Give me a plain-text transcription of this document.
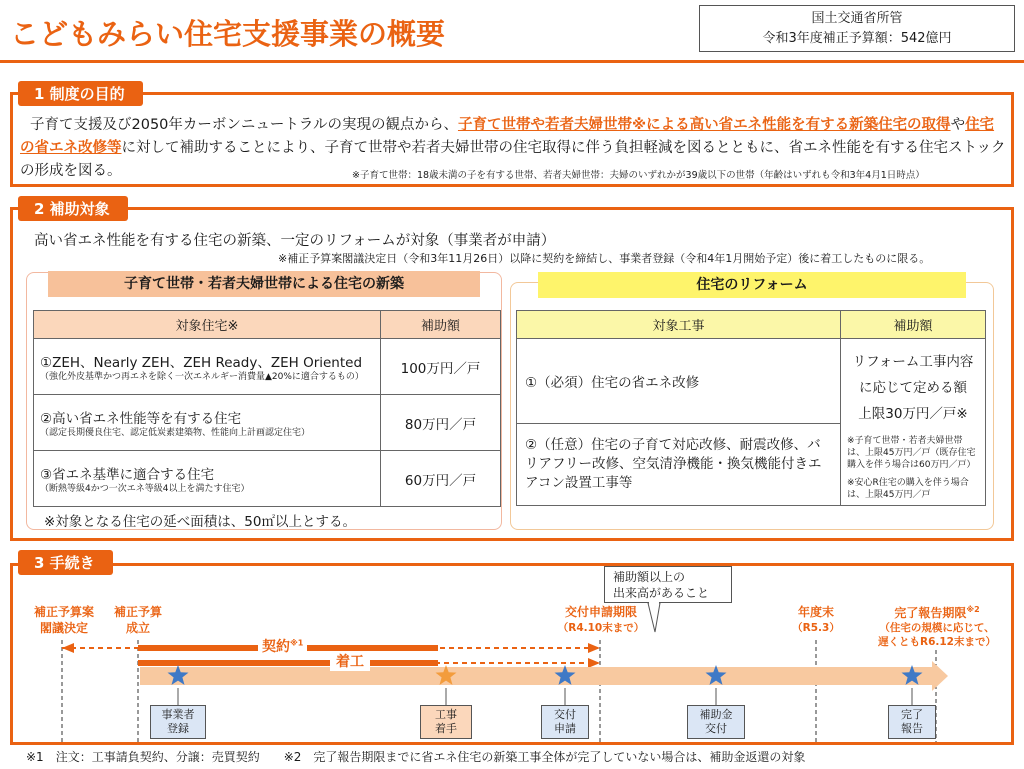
こどもみらい住宅支援事業の概要	国土交通省所管
令和3年度補正予算額：542億円
1 制度の目的
子育て支援及び2050年カーボンニュートラルの実現の観点から、子育て世帯や若者夫婦世帯※による高い省エネ性能を有する新築住宅の取得や住宅の省エネ改修等に対して補助することにより、子育て世帯や若者夫婦世帯の住宅取得に伴う負担軽減を図るとともに、省エネ性能を有する住宅ストックの形成を図る。	※子育て世帯：18歳未満の子を有する世帯、若者夫婦世帯：夫婦のいずれかが39歳以下の世帯（年齢はいずれも令和3年4月1日時点）
2 補助対象
高い省エネ性能を有する住宅の新築、一定のリフォームが対象（事業者が申請）
※補正予算案閣議決定日（令和3年11月26日）以降に契約を締結し、事業者登録（令和4年1月開始予定）後に着工したものに限る。
子育て世帯・若者夫婦世帯による住宅の新築	住宅のリフォーム
対象住宅※	補助額

①ZEH、Nearly ZEH、ZEH Ready、ZEH Oriented
（強化外皮基準かつ再エネを除く一次エネルギー消費量▲20%に適合するもの）	100万円／戸

②高い省エネ性能等を有する住宅
（認定長期優良住宅、認定低炭素建築物、性能向上計画認定住宅）	80万円／戸

③省エネ基準に適合する住宅
（断熱等級4かつ一次エネ等級4以上を満たす住宅）	60万円／戸
※対象となる住宅の延べ面積は、50㎡以上とする。
対象工事	補助額
①（必須）住宅の省エネ改修	リフォーム工事内容に応じて定める額
上限30万円／戸※
※子育て世帯・若者夫婦世帯は、上限45万円／戸（既存住宅購入を伴う場合は60万円／戸）
※安心R住宅の購入を伴う場合は、上限45万円／戸

②（任意）住宅の子育て対応改修、耐震改修、バリアフリー改修、空気清浄機能・換気機能付きエアコン設置工事等	
3 手続き
補正予算案
閣議決定
補正予算
成立
交付申請期限
（R4.10末まで）
年度末
（R5.3）
完了報告期限$^{※2}$
（住宅の規模に応じて、
遅くともR6.12末まで）
補助額以上の
出来高があること
契約$^{※1}$
着工
事業者
登録
工事
着手
交付
申請
補助金
交付
完了
報告
※1　注文：工事請負契約、分譲：売買契約　　※2　完了報告期限までに省エネ住宅の新築工事全体が完了していない場合は、補助金返還の対象
